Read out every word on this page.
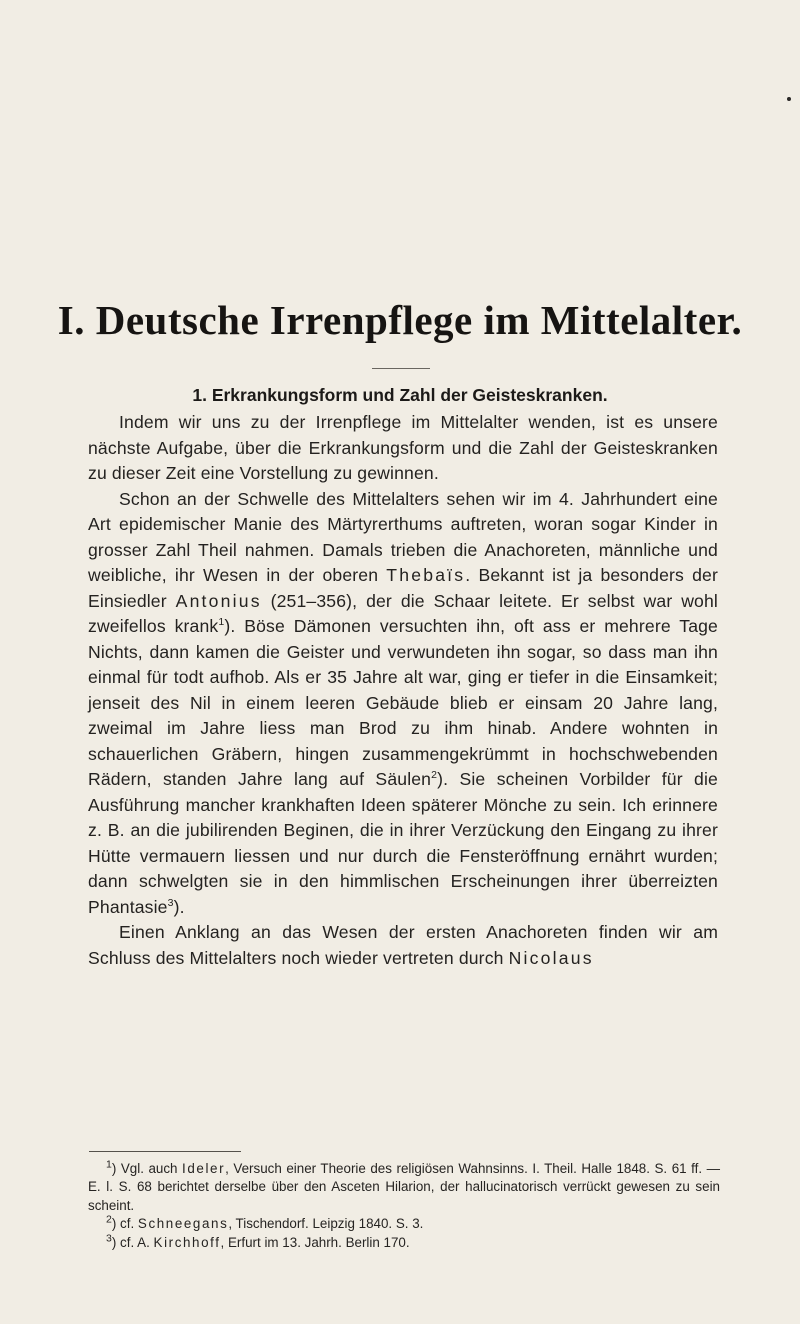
I. Deutsche Irrenpflege im Mittelalter.
1. Erkrankungsform und Zahl der Geisteskranken.

Indem wir uns zu der Irrenpflege im Mittelalter wenden, ist es unsere nächste Aufgabe, über die Erkrankungsform und die Zahl der Geisteskranken zu dieser Zeit eine Vorstellung zu gewinnen.

Schon an der Schwelle des Mittelalters sehen wir im 4. Jahrhundert eine Art epidemischer Manie des Märtyrerthums auftreten, woran sogar Kinder in grosser Zahl Theil nahmen. Damals trieben die Anachoreten, männliche und weibliche, ihr Wesen in der oberen Thebaïs. Bekannt ist ja besonders der Einsiedler Antonius (251–356), der die Schaar leitete. Er selbst war wohl zweifellos krank$^1$). Böse Dämonen versuchten ihn, oft ass er mehrere Tage Nichts, dann kamen die Geister und verwundeten ihn sogar, so dass man ihn einmal für todt aufhob. Als er 35 Jahre alt war, ging er tiefer in die Einsamkeit; jenseit des Nil in einem leeren Gebäude blieb er einsam 20 Jahre lang, zweimal im Jahre liess man Brod zu ihm hinab. Andere wohnten in schauerlichen Gräbern, hingen zusammengekrümmt in hochschwebenden Rädern, standen Jahre lang auf Säulen$^2$). Sie scheinen Vorbilder für die Ausführung mancher krankhaften Ideen späterer Mönche zu sein. Ich erinnere z. B. an die jubilirenden Beginen, die in ihrer Verzückung den Eingang zu ihrer Hütte vermauern liessen und nur durch die Fensteröffnung ernährt wurden; dann schwelgten sie in den himmlischen Erscheinungen ihrer überreizten Phantasie$^3$).

Einen Anklang an das Wesen der ersten Anachoreten finden wir am Schluss des Mittelalters noch wieder vertreten durch Nicolaus

$^1$) Vgl. auch Ideler, Versuch einer Theorie des religiösen Wahnsinns. I. Theil. Halle 1848. S. 61 ff. — E. l. S. 68 berichtet derselbe über den Asceten Hilarion, der hallucinatorisch verrückt gewesen zu sein scheint.

$^2$) cf. Schneegans, Tischendorf. Leipzig 1840. S. 3.

$^3$) cf. A. Kirchhoff, Erfurt im 13. Jahrh. Berlin 170.
